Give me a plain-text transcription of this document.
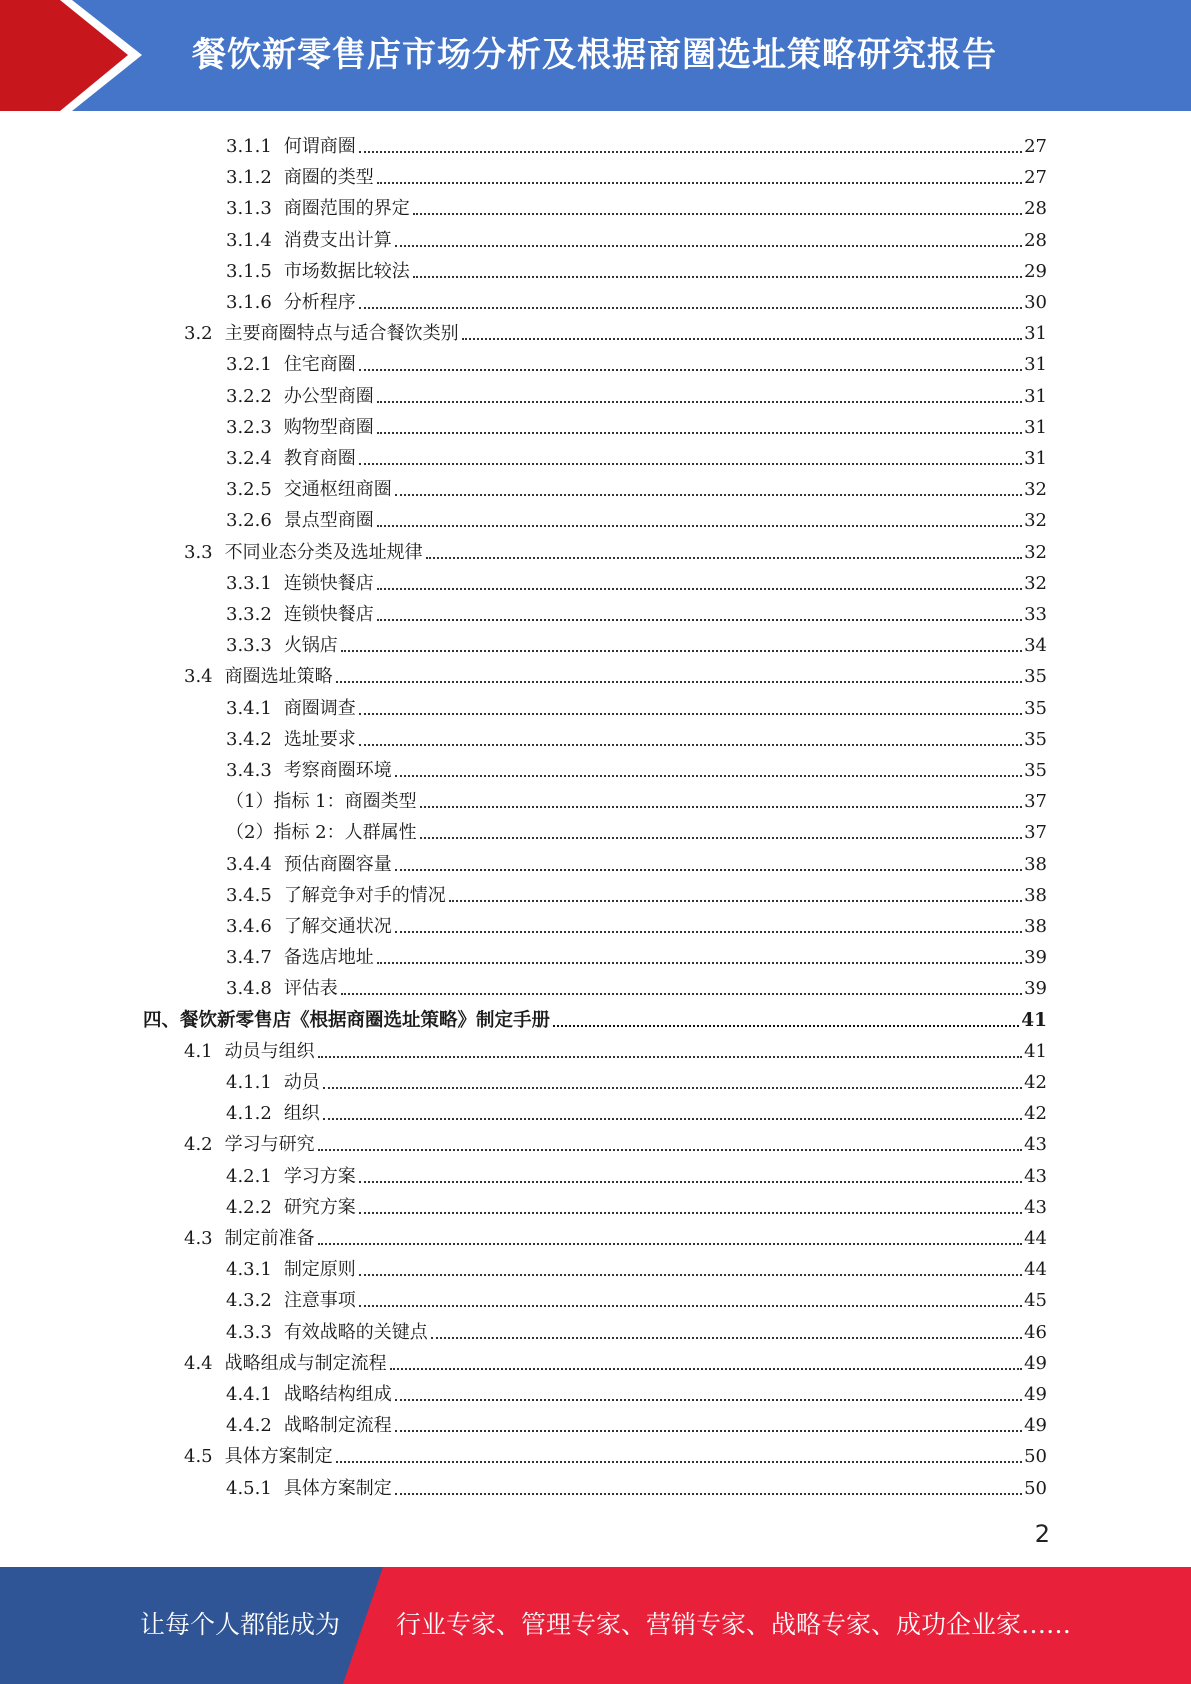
餐饮新零售店市场分析及根据商圈选址策略研究报告
3.1.1 何谓商圈	27
3.1.2 商圈的类型	27
3.1.3 商圈范围的界定	28
3.1.4 消费支出计算	28
3.1.5 市场数据比较法	29
3.1.6 分析程序	30
3.2 主要商圈特点与适合餐饮类别	31
3.2.1 住宅商圈	31
3.2.2 办公型商圈	31
3.2.3 购物型商圈	31
3.2.4 教育商圈	31
3.2.5 交通枢纽商圈	32
3.2.6 景点型商圈	32
3.3 不同业态分类及选址规律	32
3.3.1 连锁快餐店	32
3.3.2 连锁快餐店	33
3.3.3 火锅店	34
3.4 商圈选址策略	35
3.4.1 商圈调查	35
3.4.2 选址要求	35
3.4.3 考察商圈环境	35
（1）指标 1：商圈类型	37
（2）指标 2：人群属性	37
3.4.4 预估商圈容量	38
3.4.5 了解竞争对手的情况	38
3.4.6 了解交通状况	38
3.4.7 备选店地址	39
3.4.8 评估表	39
四、餐饮新零售店《根据商圈选址策略》制定手册	41
4.1 动员与组织	41
4.1.1 动员	42
4.1.2 组织	42
4.2 学习与研究	43
4.2.1 学习方案	43
4.2.2 研究方案	43
4.3 制定前准备	44
4.3.1 制定原则	44
4.3.2 注意事项	45
4.3.3 有效战略的关键点	46
4.4 战略组成与制定流程	49
4.4.1 战略结构组成	49
4.4.2 战略制定流程	49
4.5 具体方案制定	50
4.5.1 具体方案制定	50
2
让每个人都能成为 行业专家、管理专家、营销专家、战略专家、成功企业家……
